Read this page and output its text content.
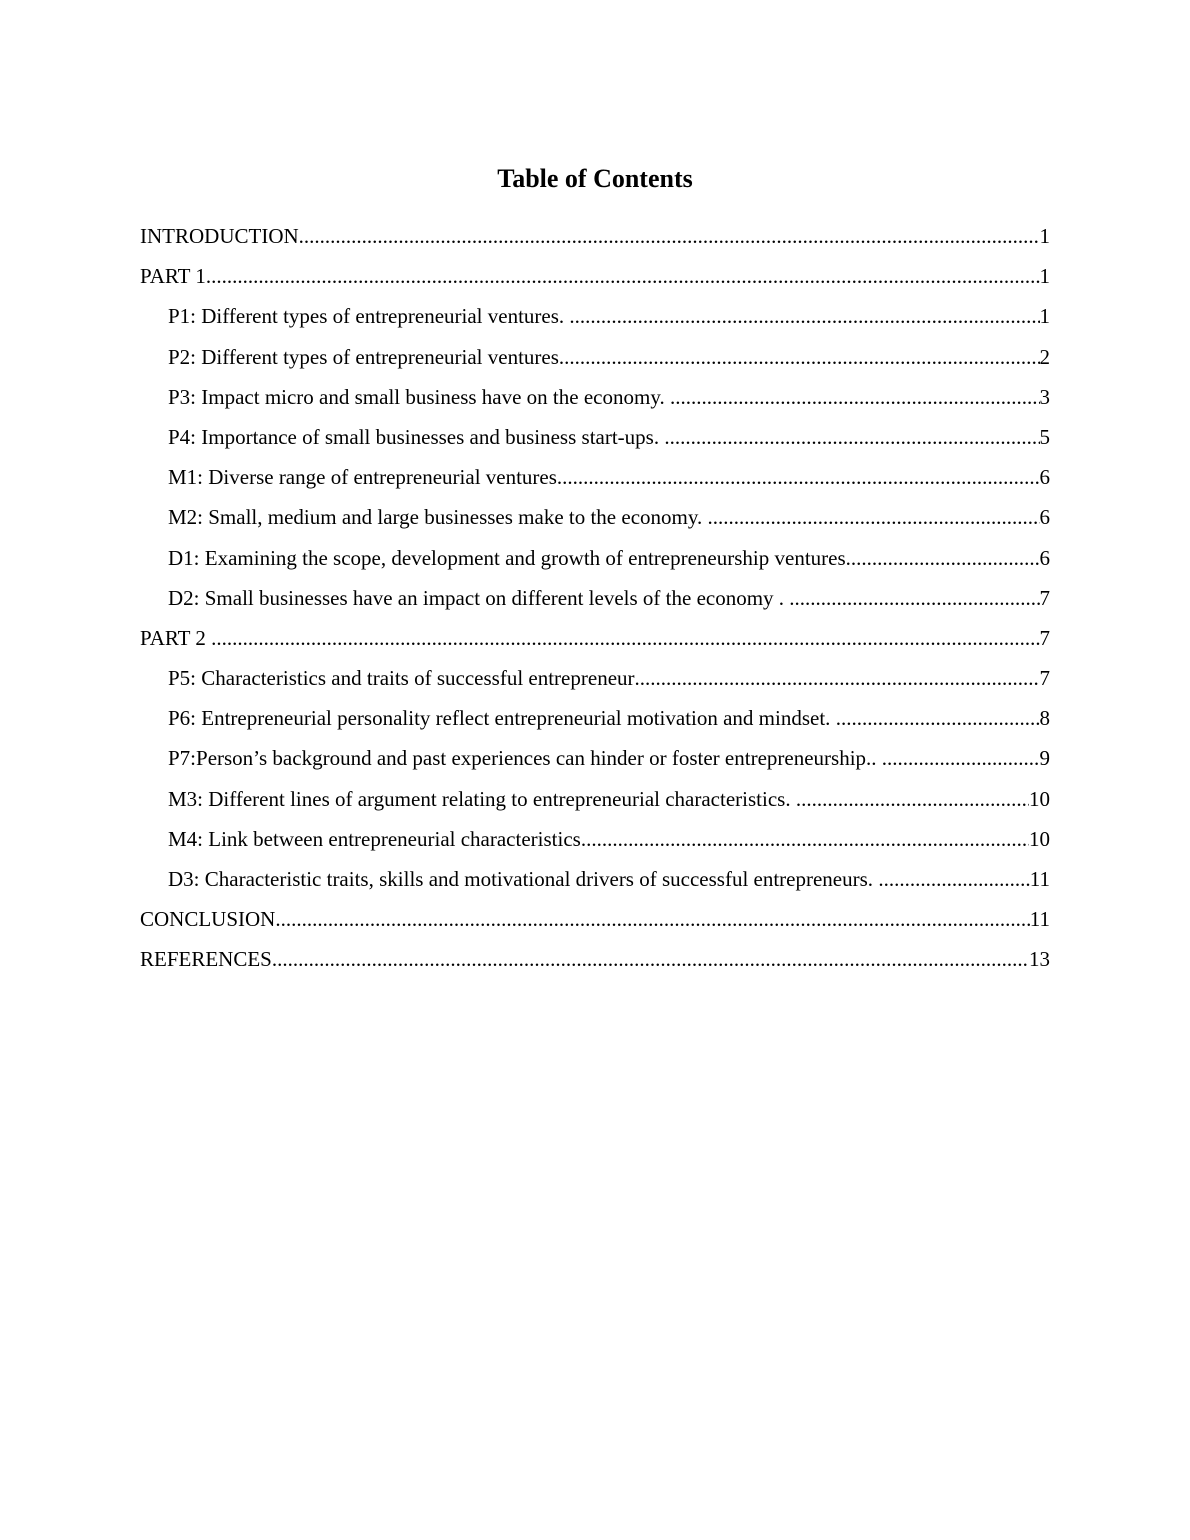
Table of Contents
INTRODUCTION .....	1
PART 1 .....	1
P1: Different types of entrepreneurial ventures. .....	1
P2: Different types of entrepreneurial ventures .....	2
P3: Impact micro and small business have on the economy. .....	3
P4: Importance of small businesses and business start-ups. .....	5
M1: Diverse range of entrepreneurial ventures .....	6
M2: Small, medium and large businesses make to the economy. .....	6
D1: Examining the scope, development and growth of entrepreneurship ventures .....	6
D2: Small businesses have an impact on different levels of the economy . .....	7
PART 2 .....	7
P5: Characteristics and traits of successful entrepreneur .....	7
P6: Entrepreneurial personality reflect entrepreneurial motivation and mindset. .....	8
P7:Person’s background and past experiences can hinder or foster entrepreneurship.. .....	9
M3: Different lines of argument relating to entrepreneurial characteristics. .....	10
M4: Link between entrepreneurial characteristics .....	10
D3: Characteristic traits, skills and motivational drivers of successful entrepreneurs. .....	11
CONCLUSION .....	11
REFERENCES .....	13
